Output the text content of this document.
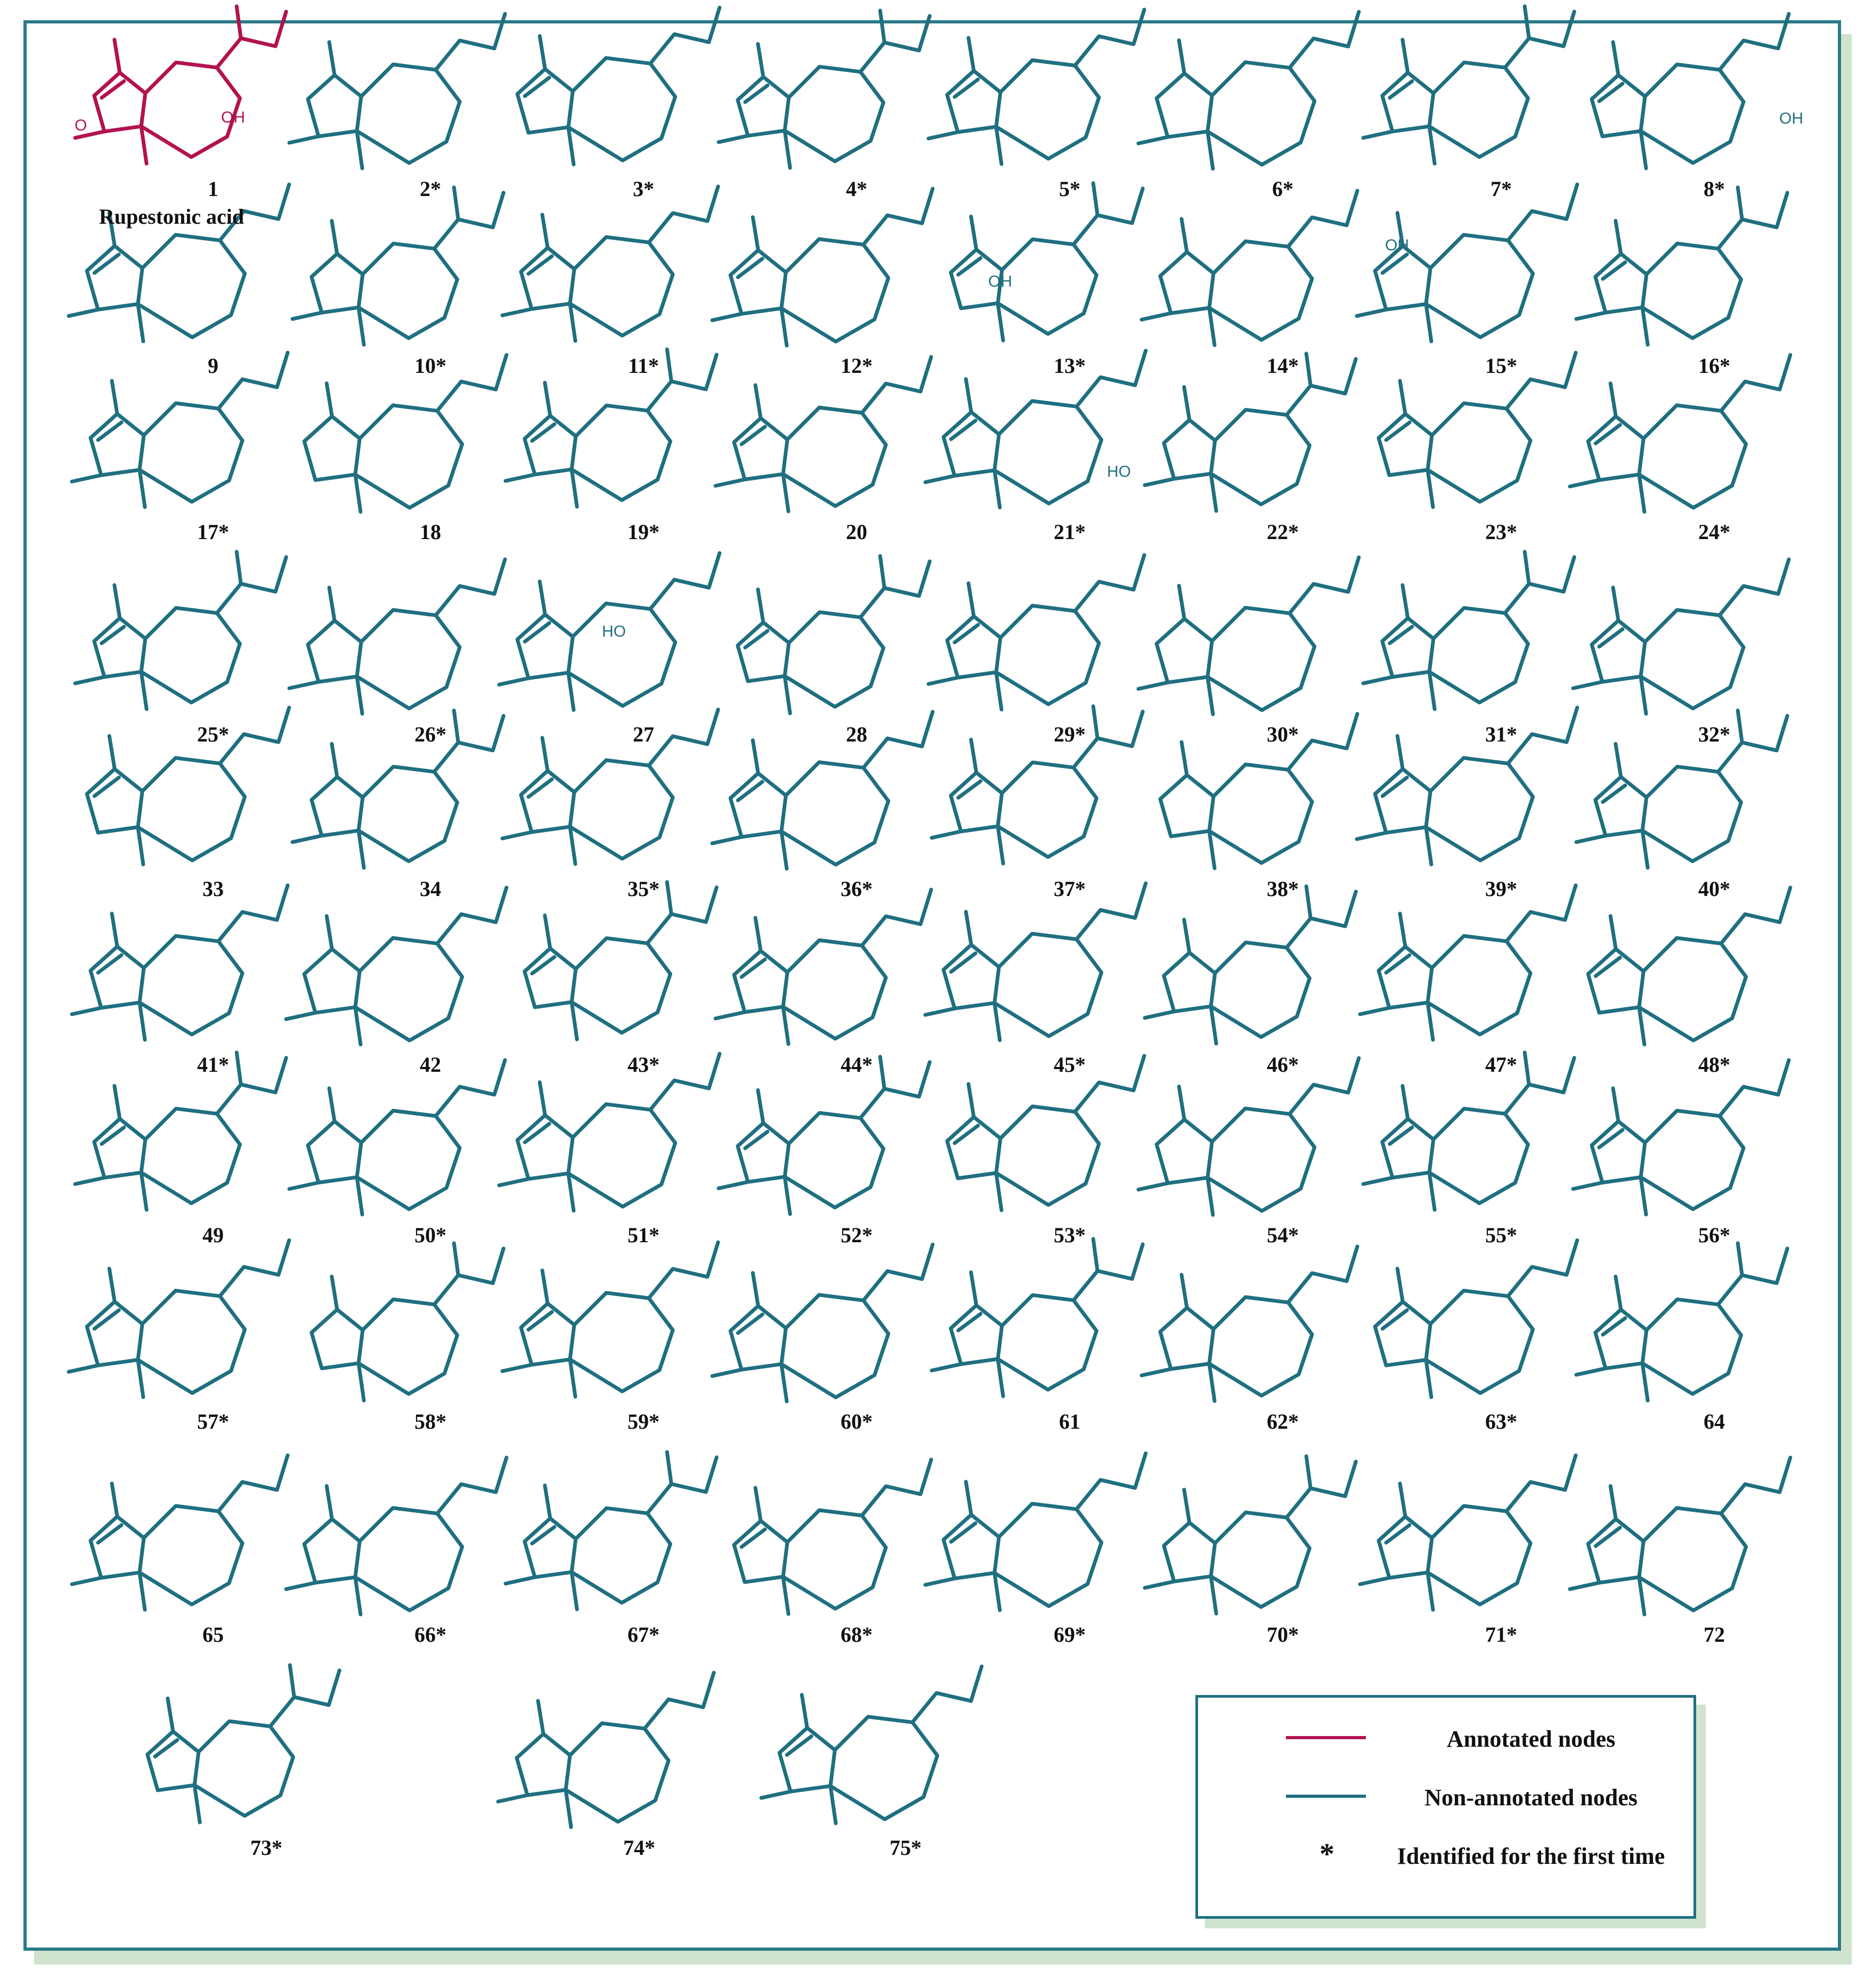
1	2*	3*	4*	5*	6*	7*	8*
9	10*	11*	12*	13*	14*	15*	16*
17*	18	19*	20	21*	22*	23*	24*
25*	26*	27	28	29*	30*	31*	32*
33	34	35*	36*	37*	38*	39*	40*
41*	42	43*	44*	45*	46*	47*	48*
49	50*	51*	52*	53*	54*	55*	56*
57*	58*	59*	60*	61	62*	63*	64
65	66*	67*	68*	69*	70*	71*	72
73*	74*	75*
Rupestonic acid
O	OH
HO
HO
OH
OH
OH
Annotated nodes
Non-annotated nodes
*	Identified for the first time
